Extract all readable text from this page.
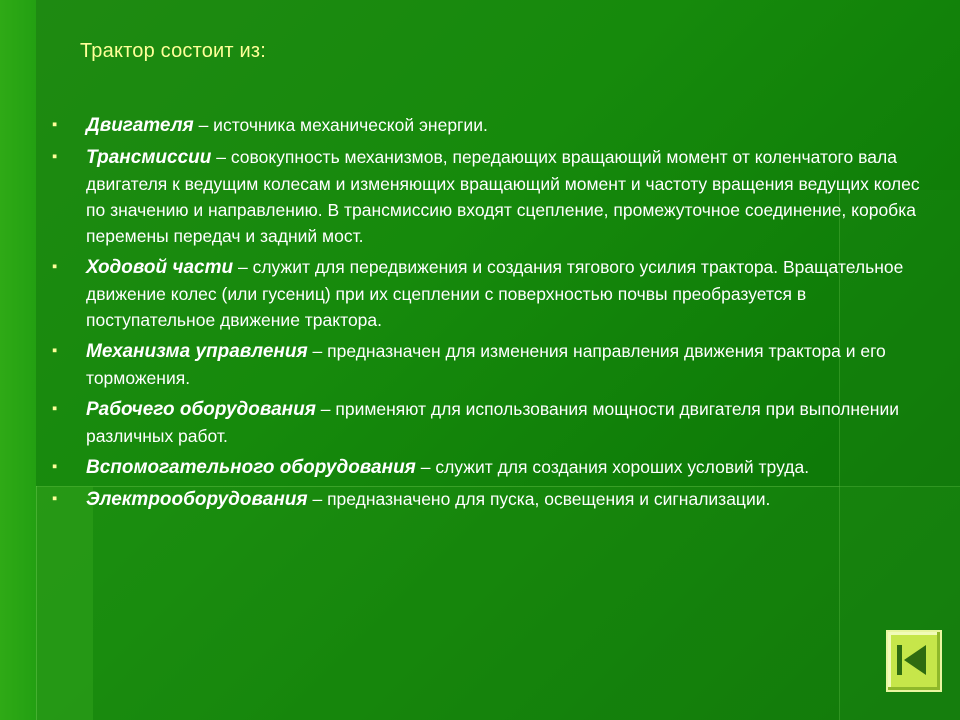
Трактор состоит из:
▪ Двигателя – источника механической энергии.
▪ Трансмиссии – совокупность механизмов, передающих вращающий момент от коленчатого вала двигателя к ведущим колесам и изменяющих вращающий момент и частоту вращения ведущих колес по значению и направлению. В трансмиссию входят сцепление, промежуточное соединение, коробка перемены передач и задний мост.
▪ Ходовой части – служит для передвижения и создания тягового усилия трактора. Вращательное движение колес (или гусениц) при их сцеплении с поверхностью почвы преобразуется в поступательное движение трактора.
▪ Механизма управления – предназначен для изменения направления движения трактора и его торможения.
▪ Рабочего оборудования – применяют для использования мощности двигателя при выполнении различных работ.
▪ Вспомогательного оборудования – служит для создания хороших условий труда.
▪ Электрооборудования – предназначено для пуска, освещения и сигнализации.
